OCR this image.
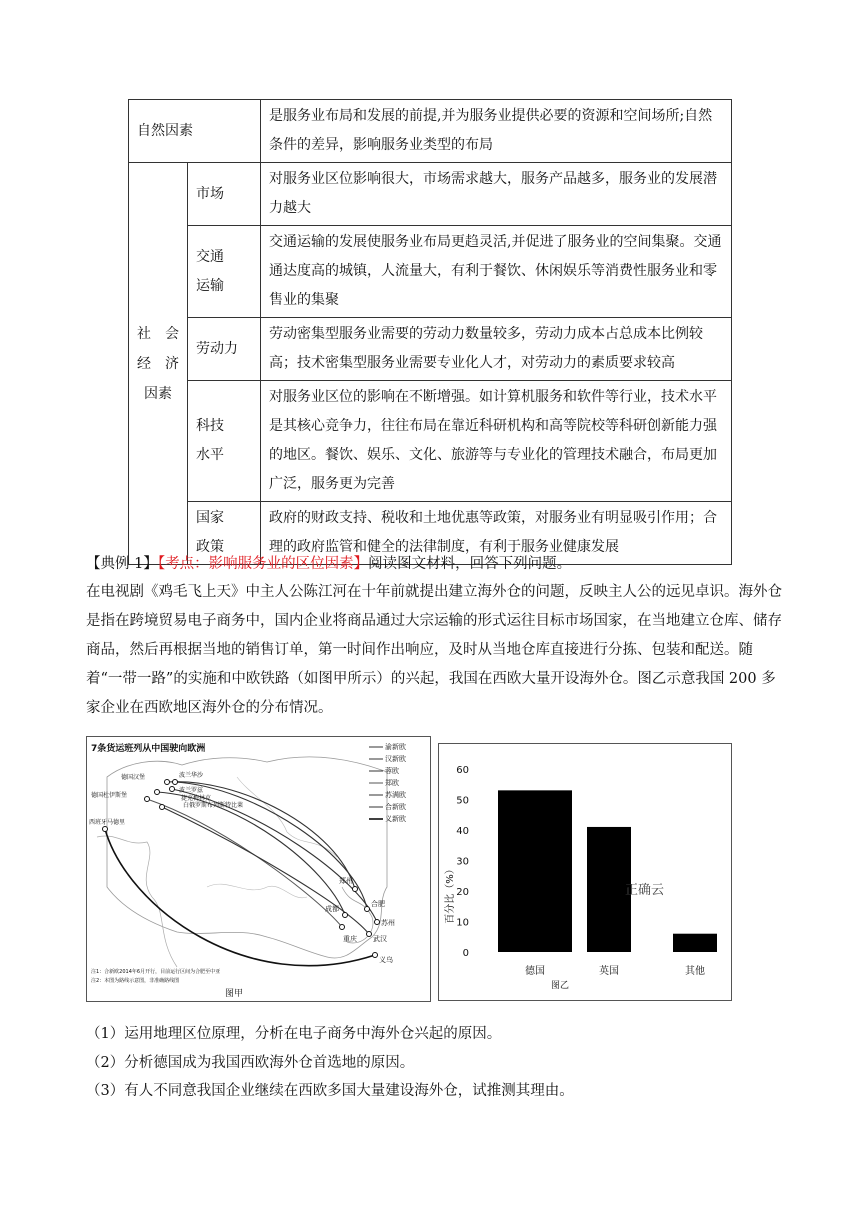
自然因素		是服务业布局和发展的前提,并为服务业提供必要的资源和空间场所;自然条件的差异，影响服务业类型的布局

社　会
经　济
因素	市场	对服务业区位影响很大，市场需求越大，服务产品越多，服务业的发展潜力越大

	交通
运输	交通运输的发展使服务业布局更趋灵活,并促进了服务业的空间集聚。交通通达度高的城镇，人流量大，有利于餐饮、休闲娱乐等消费性服务业和零售业的集聚
	劳动力	劳动密集型服务业需要的劳动力数量较多，劳动力成本占总成本比例较高；技术密集型服务业需要专业化人才，对劳动力的素质要求较高

	科技
水平	对服务业区位的影响在不断增强。如计算机服务和软件等行业，技术水平是其核心竞争力，往往布局在靠近科研机构和高等院校等科研创新能力强的地区。餐饮、娱乐、文化、旅游等与专业化的管理技术融合，布局更加广泛，服务更为完善

	国家
政策	政府的财政支持、税收和土地优惠等政策，对服务业有明显吸引作用；合理的政府监管和健全的法律制度，有利于服务业健康发展
【典例 1】【考点：影响服务业的区位因素】阅读图文材料，回答下列问题。
在电视剧《鸡毛飞上天》中主人公陈江河在十年前就提出建立海外仓的问题，反映主人公的远见卓识。海外仓是指在跨境贸易电子商务中，国内企业将商品通过大宗运输的形式运往目标市场国家，在当地建立仓库、储存商品，然后再根据当地的销售订单，第一时间作出响应，及时从当地仓库直接进行分拣、包装和配送。随着“一带一路”的实施和中欧铁路（如图甲所示）的兴起，我国在西欧大量开设海外仓。图乙示意我国 200 多家企业在西欧地区海外仓的分布情况。
7条货运班列从中国驶向欧洲
德国汉堡
德国杜伊斯堡
波兰华沙
波兰罗兹
捷克梅林克
白俄罗斯布列斯特比莱
西班牙马德里
郑州
合肥
成都
苏州
武汉
重庆
义乌
渝新欧
汉新欧
蓉欧
郑欧
苏满欧
合新欧
义新欧
注1：合新欧2014年6月开行，目前运行区间为合肥至中亚
注2：本图为路线示意图，非准确路线图
图甲
0
10
20
30
40
50
60
德国	英国	其他
百分比（%）	正确云
图乙
（1）运用地理区位原理，分析在电子商务中海外仓兴起的原因。
（2）分析德国成为我国西欧海外仓首选地的原因。
（3）有人不同意我国企业继续在西欧多国大量建设海外仓，试推测其理由。
